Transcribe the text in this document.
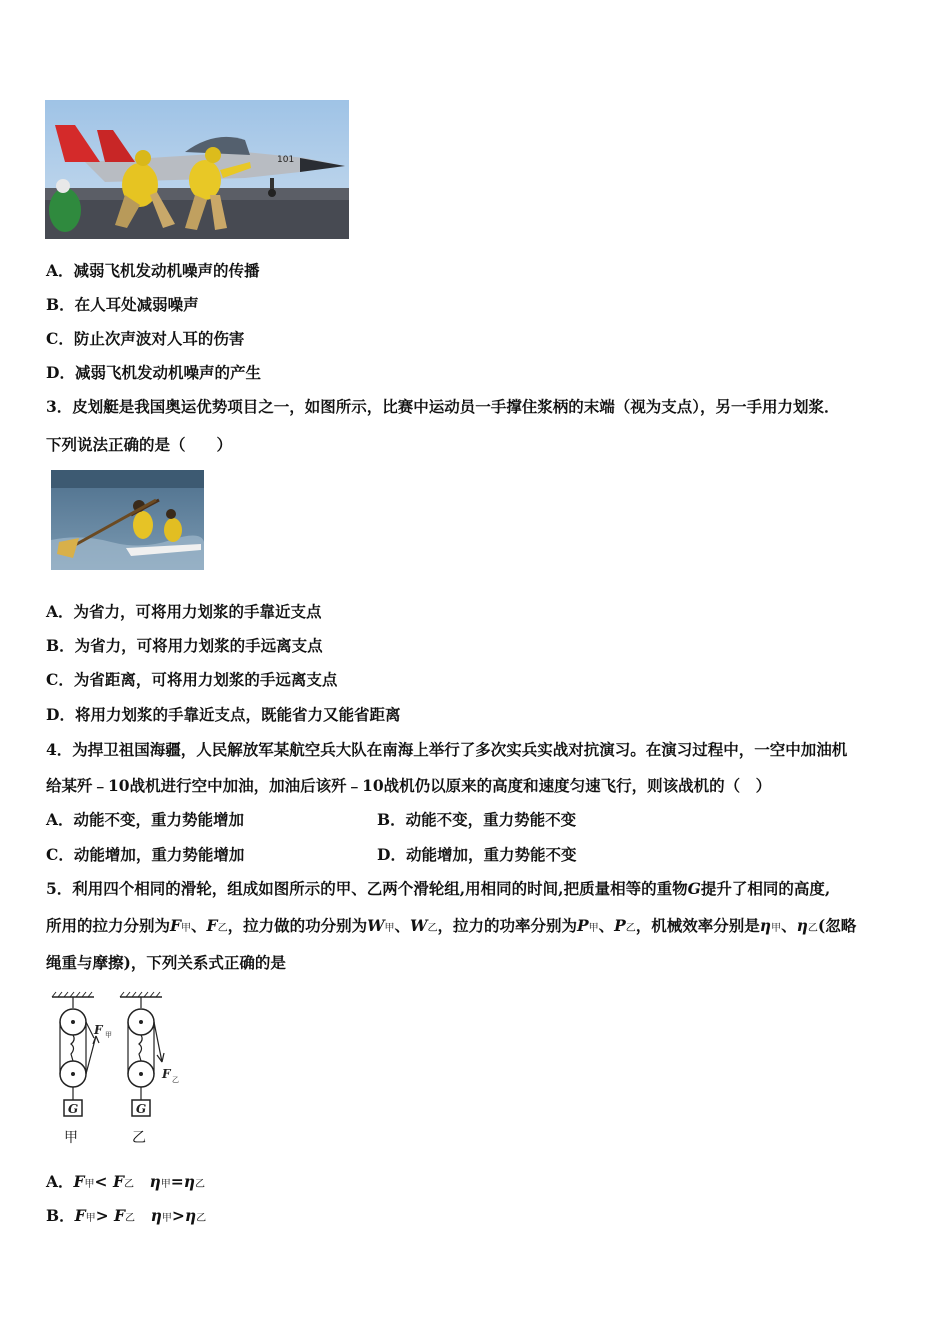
101
A．减弱飞机发动机噪声的传播
B．在人耳处减弱噪声
C．防止次声波对人耳的伤害
D．减弱飞机发动机噪声的产生
3．皮划艇是我国奥运优势项目之一，如图所示，比赛中运动员一手撑住浆柄的末端（视为支点），另一手用力划浆．
下列说法正确的是（　　）
A．为省力，可将用力划浆的手靠近支点
B．为省力，可将用力划浆的手远离支点
C．为省距离，可将用力划浆的手远离支点
D．将用力划浆的手靠近支点，既能省力又能省距离
4．为捍卫祖国海疆，人民解放军某航空兵大队在南海上举行了多次实兵实战对抗演习。在演习过程中，一空中加油机
给某歼﹣10战机进行空中加油，加油后该歼﹣10战机仍以原来的高度和速度匀速飞行，则该战机的（　）
A．动能不变，重力势能增加	B．动能不变，重力势能不变
C．动能增加，重力势能增加	D．动能增加，重力势能不变
5．利用四个相同的滑轮，组成如图所示的甲、乙两个滑轮组,用相同的时间,把质量相等的重物G提升了相同的高度,
所用的拉力分别为F甲、F乙，拉力做的功分别为W甲、W乙，拉力的功率分别为P甲、P乙，机械效率分别是η甲、η乙(忽略
绳重与摩擦)，下列关系式正确的是
F 甲
G
F 乙
G
甲	乙
A．F甲< F乙　 η甲=η乙
B．F甲> F乙　 η甲>η乙
